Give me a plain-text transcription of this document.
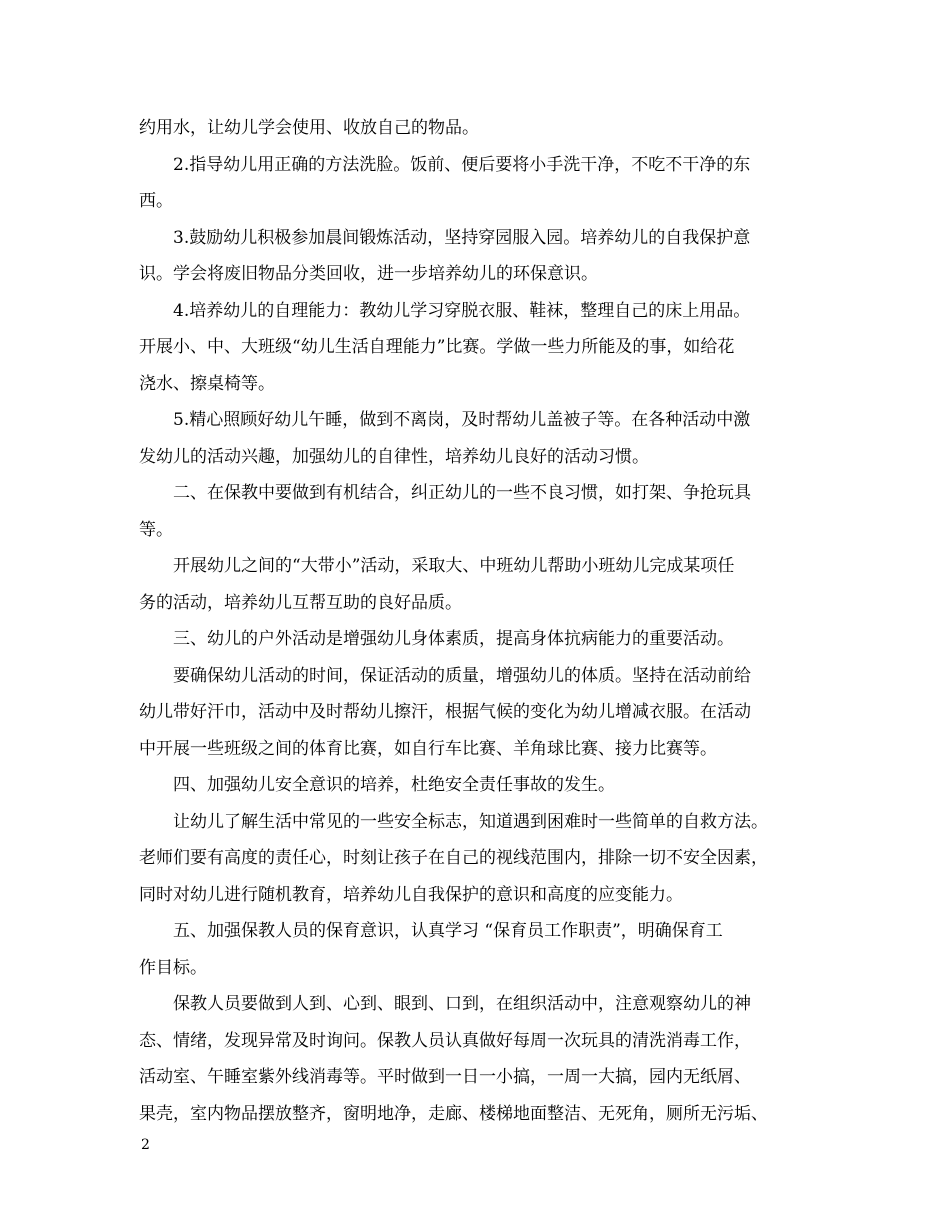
约用水，让幼儿学会使用、收放自己的物品。
2.指导幼儿用正确的方法洗脸。饭前、便后要将小手洗干净，不吃不干净的东
西。
3.鼓励幼儿积极参加晨间锻炼活动，坚持穿园服入园。培养幼儿的自我保护意
识。学会将废旧物品分类回收，进一步培养幼儿的环保意识。
4.培养幼儿的自理能力：教幼儿学习穿脱衣服、鞋袜，整理自己的床上用品。
开展小、中、大班级“幼儿生活自理能力”比赛。学做一些力所能及的事，如给花
浇水、擦桌椅等。
5.精心照顾好幼儿午睡，做到不离岗，及时帮幼儿盖被子等。在各种活动中激
发幼儿的活动兴趣，加强幼儿的自律性，培养幼儿良好的活动习惯。
二、在保教中要做到有机结合，纠正幼儿的一些不良习惯，如打架、争抢玩具
等。
开展幼儿之间的“大带小”活动，采取大、中班幼儿帮助小班幼儿完成某项任
务的活动，培养幼儿互帮互助的良好品质。
三、幼儿的户外活动是增强幼儿身体素质，提高身体抗病能力的重要活动。
要确保幼儿活动的时间，保证活动的质量，增强幼儿的体质。坚持在活动前给
幼儿带好汗巾，活动中及时帮幼儿擦汗，根据气候的变化为幼儿增减衣服。在活动
中开展一些班级之间的体育比赛，如自行车比赛、羊角球比赛、接力比赛等。
四、加强幼儿安全意识的培养，杜绝安全责任事故的发生。
让幼儿了解生活中常见的一些安全标志，知道遇到困难时一些简单的自救方法。
老师们要有高度的责任心，时刻让孩子在自己的视线范围内，排除一切不安全因素，
同时对幼儿进行随机教育，培养幼儿自我保护的意识和高度的应变能力。
五、加强保教人员的保育意识，认真学习 “保育员工作职责”，明确保育工
作目标。
保教人员要做到人到、心到、眼到、口到，在组织活动中，注意观察幼儿的神
态、情绪，发现异常及时询问。保教人员认真做好每周一次玩具的清洗消毒工作，
活动室、午睡室紫外线消毒等。平时做到一日一小搞，一周一大搞，园内无纸屑、
果壳，室内物品摆放整齐，窗明地净，走廊、楼梯地面整洁、无死角，厕所无污垢、
2
